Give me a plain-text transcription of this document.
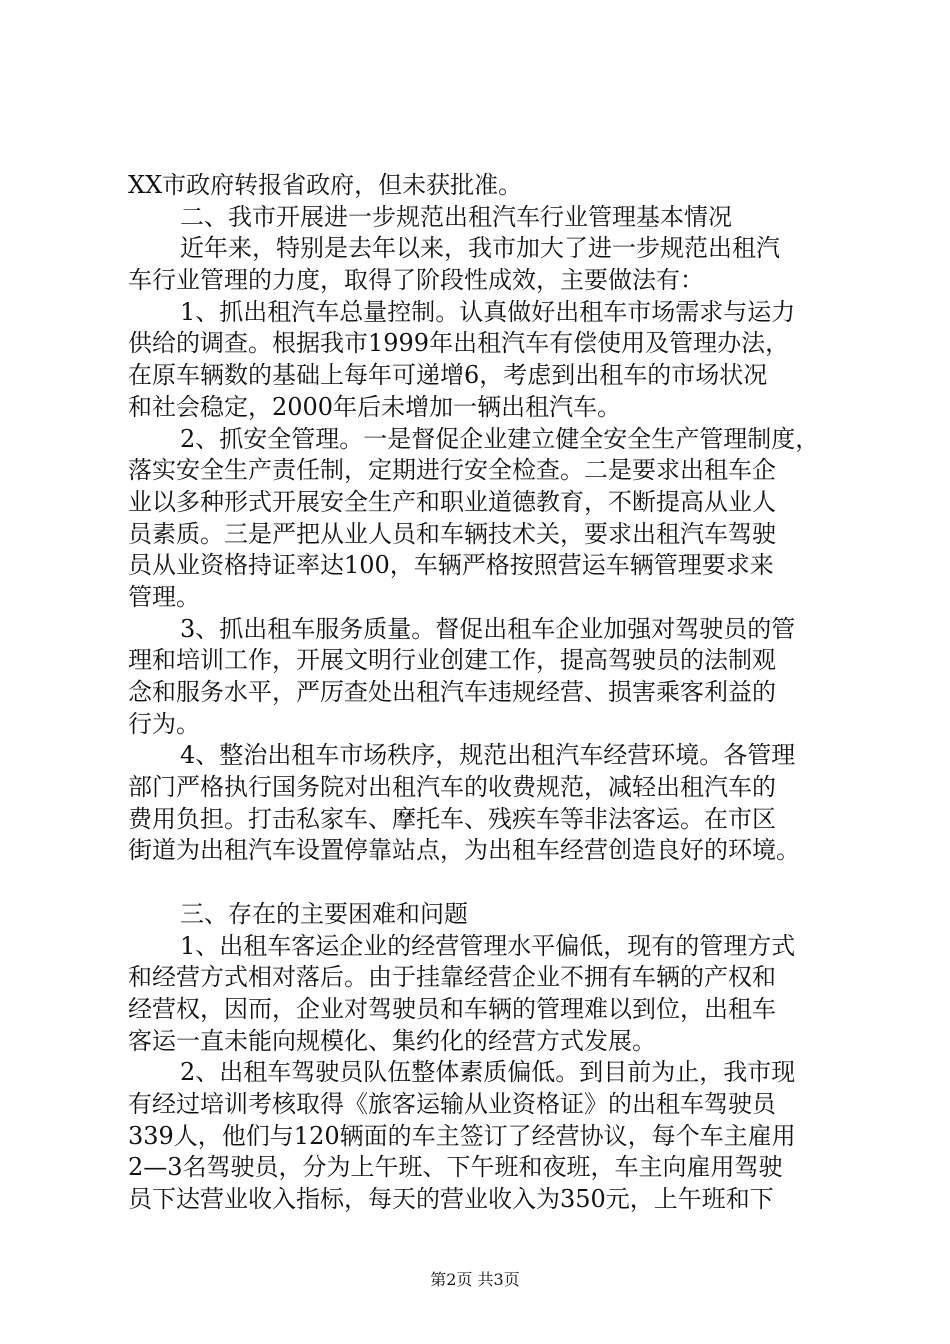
XX市政府转报省政府，但未获批准。
二、我市开展进一步规范出租汽车行业管理基本情况
近年来，特别是去年以来，我市加大了进一步规范出租汽
车行业管理的力度，取得了阶段性成效，主要做法有：
1、抓出租汽车总量控制。认真做好出租车市场需求与运力
供给的调查。根据我市1999年出租汽车有偿使用及管理办法，
在原车辆数的基础上每年可递增6，考虑到出租车的市场状况
和社会稳定，2000年后未增加一辆出租汽车。
2、抓安全管理。一是督促企业建立健全安全生产管理制度，
落实安全生产责任制，定期进行安全检查。二是要求出租车企
业以多种形式开展安全生产和职业道德教育，不断提高从业人
员素质。三是严把从业人员和车辆技术关，要求出租汽车驾驶
员从业资格持证率达100，车辆严格按照营运车辆管理要求来
管理。
3、抓出租车服务质量。督促出租车企业加强对驾驶员的管
理和培训工作，开展文明行业创建工作，提高驾驶员的法制观
念和服务水平，严厉查处出租汽车违规经营、损害乘客利益的
行为。
4、整治出租车市场秩序，规范出租汽车经营环境。各管理
部门严格执行国务院对出租汽车的收费规范，减轻出租汽车的
费用负担。打击私家车、摩托车、残疾车等非法客运。在市区
街道为出租汽车设置停靠站点，为出租车经营创造良好的环境。
三、存在的主要困难和问题
1、出租车客运企业的经营管理水平偏低，现有的管理方式
和经营方式相对落后。由于挂靠经营企业不拥有车辆的产权和
经营权，因而，企业对驾驶员和车辆的管理难以到位，出租车
客运一直未能向规模化、集约化的经营方式发展。
2、出租车驾驶员队伍整体素质偏低。到目前为止，我市现
有经过培训考核取得《旅客运输从业资格证》的出租车驾驶员
339人，他们与120辆面的车主签订了经营协议，每个车主雇用
2—3名驾驶员，分为上午班、下午班和夜班，车主向雇用驾驶
员下达营业收入指标，每天的营业收入为350元，上午班和下
第2页 共3页
